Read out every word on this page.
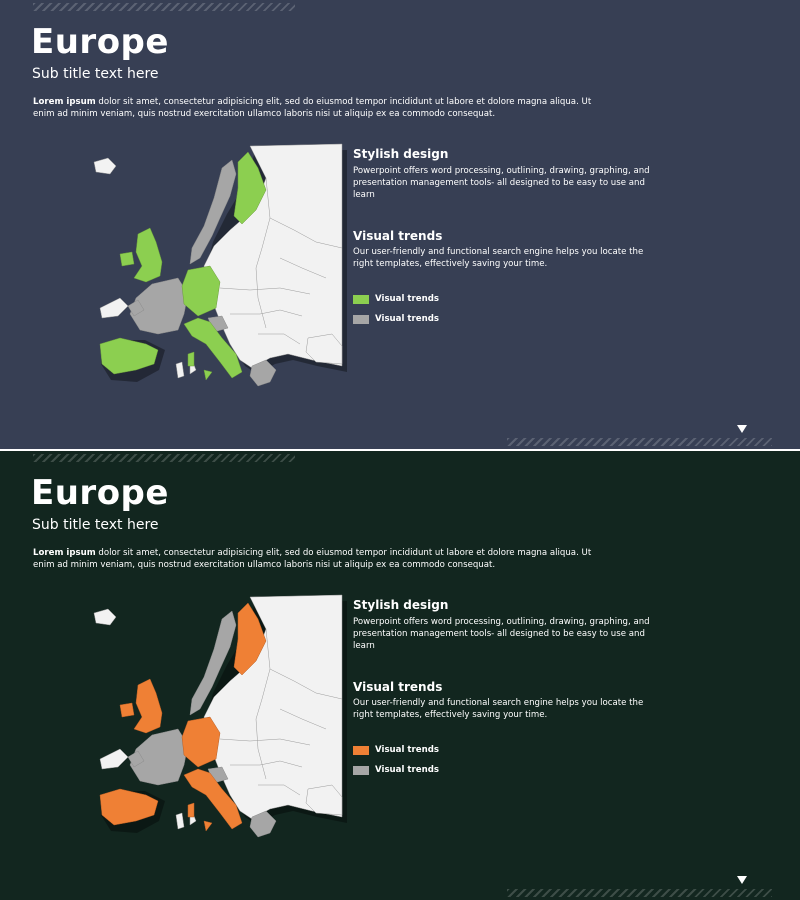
Europe
Sub title text here
Lorem ipsum dolor sit amet, consectetur adipisicing elit, sed do eiusmod tempor incididunt ut labore et dolore magna aliqua. Ut enim ad minim veniam, quis nostrud exercitation ullamco laboris nisi ut aliquip ex ea commodo consequat.
Stylish design
Powerpoint offers word processing, outlining, drawing, graphing, and presentation management tools- all designed to be easy to use and learn
Visual trends
Our user-friendly and functional search engine helps you locate the right templates, effectively saving your time.
Visual trends
Visual trends
Europe
Sub title text here
Lorem ipsum dolor sit amet, consectetur adipisicing elit, sed do eiusmod tempor incididunt ut labore et dolore magna aliqua. Ut enim ad minim veniam, quis nostrud exercitation ullamco laboris nisi ut aliquip ex ea commodo consequat.
Stylish design
Powerpoint offers word processing, outlining, drawing, graphing, and presentation management tools- all designed to be easy to use and learn
Visual trends
Our user-friendly and functional search engine helps you locate the right templates, effectively saving your time.
Visual trends
Visual trends
